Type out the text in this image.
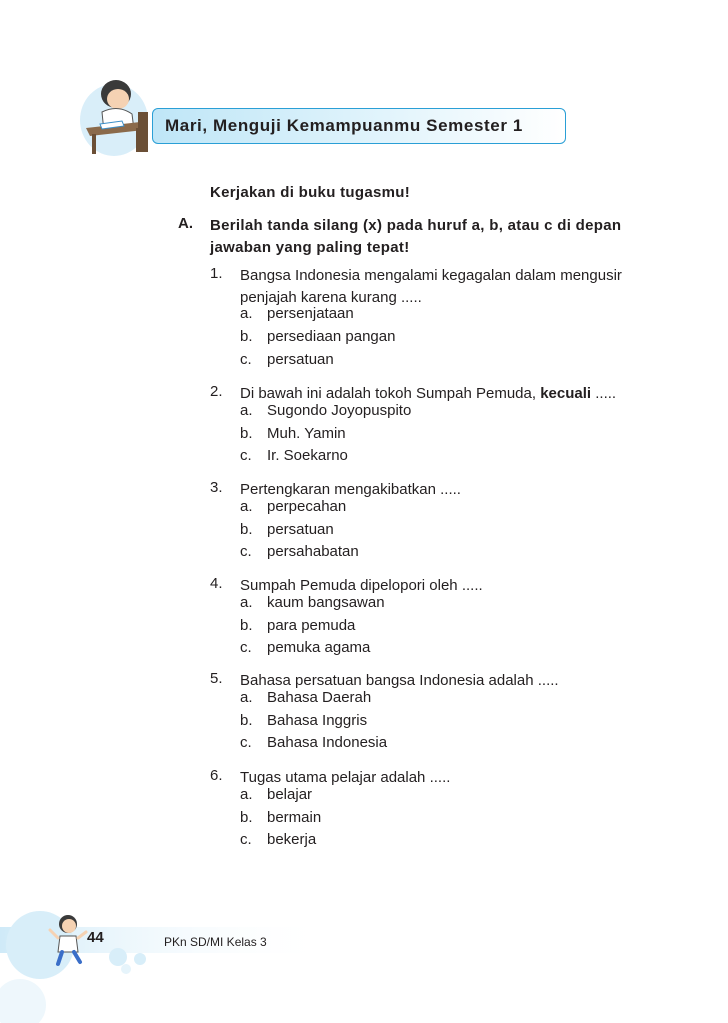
Mari, Menguji Kemampuanmu Semester 1
Kerjakan di buku tugasmu!
A. Berilah tanda silang (x) pada huruf a, b, atau c di depan jawaban yang paling tepat!
1. Bangsa Indonesia mengalami kegagalan dalam mengusir penjajah karena kurang .....
a. persenjataan
b. persediaan pangan
c. persatuan
2. Di bawah ini adalah tokoh Sumpah Pemuda, kecuali .....
a. Sugondo Joyopuspito
b. Muh. Yamin
c. Ir. Soekarno
3. Pertengkaran mengakibatkan .....
a. perpecahan
b. persatuan
c. persahabatan
4. Sumpah Pemuda dipelopori oleh .....
a. kaum bangsawan
b. para pemuda
c. pemuka agama
5. Bahasa persatuan bangsa Indonesia adalah .....
a. Bahasa Daerah
b. Bahasa Inggris
c. Bahasa Indonesia
6. Tugas utama pelajar adalah .....
a. belajar
b. bermain
c. bekerja
44	PKn SD/MI Kelas 3
